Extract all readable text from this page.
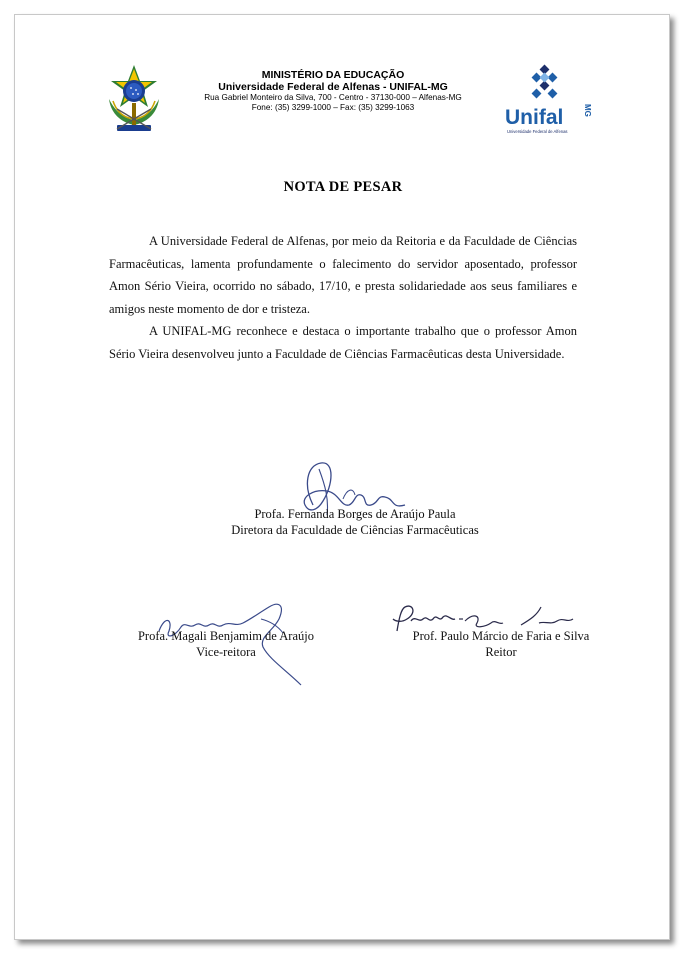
MINISTÉRIO DA EDUCAÇÃO
Universidade Federal de Alfenas - UNIFAL-MG
Rua Gabriel Monteiro da Silva, 700 - Centro - 37130-000 – Alfenas-MG
Fone: (35) 3299-1000 – Fax: (35) 3299-1063	Unifal MG
Universidade Federal de Alfenas
NOTA DE PESAR

A Universidade Federal de Alfenas, por meio da Reitoria e da Faculdade de Ciências Farmacêuticas, lamenta profundamente o falecimento do servidor aposentado, professor Amon Sério Vieira, ocorrido no sábado, 17/10, e presta solidariedade aos seus familiares e amigos neste momento de dor e tristeza.

A UNIFAL-MG reconhece e destaca o importante trabalho que o professor Amon Sério Vieira desenvolveu junto a Faculdade de Ciências Farmacêuticas desta Universidade.

Profa. Fernanda Borges de Araújo Paula
Diretora da Faculdade de Ciências Farmacêuticas
Profa. Magali Benjamim de Araújo
Vice-reitora
Prof. Paulo Márcio de Faria e Silva
Reitor
